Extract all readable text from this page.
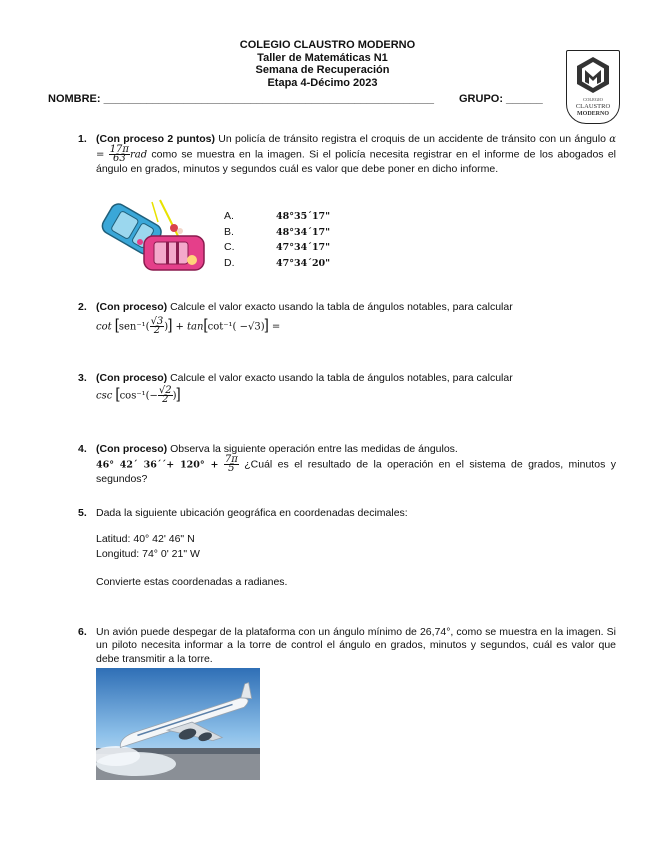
COLEGIO CLAUSTRO MODERNO
Taller de Matemáticas N1
Semana de Recuperación
Etapa 4-Décimo 2023
NOMBRE: ______________________________________________________ GRUPO: ______	COLEGIO
CLAUSTRO
MODERNO
1. (Con proceso 2 puntos) Un policía de tránsito registra el croquis de un accidente de tránsito con un ángulo $\alpha = \frac{17\pi}{63}$ rad como se muestra en la imagen. Si el policía necesita registrar en el informe de los abogados el ángulo en grados, minutos y segundos cuál es valor que debe poner en dicho informe.
A.	48°35´17"
B.	48°34´17"
C.	47°34´17"
D.	47°34´20"
2. (Con proceso) Calcule el valor exacto usando la tabla de ángulos notables, para calcular
$\cot [sen^{-1}( \frac{√3}{2}$ )] + tan[cot⁻¹( −√3)] =
3. (Con proceso) Calcule el valor exacto usando la tabla de ángulos notables, para calcular
$\csc [\cos^{-1}(- \frac{√2}{2}$ )]
4. (Con proceso) Observa la siguiente operación entre las medidas de ángulos.
46° 42´ 36´´+ $120^\circ + \frac{7\pi}{5}$ ¿Cuál es el resultado de la operación en el sistema de grados, minutos y segundos?
5. Dada la siguiente ubicación geográfica en coordenadas decimales:
Latitud: 40° 42' 46" N
Longitud: 74° 0' 21" W
Convierte estas coordenadas a radianes.
6. Un avión puede despegar de la plataforma con un ángulo mínimo de 26,74°, como se muestra en la imagen. Si un piloto necesita informar a la torre de control el ángulo en grados, minutos y segundos, cuál es valor que debe transmitir a la torre.
